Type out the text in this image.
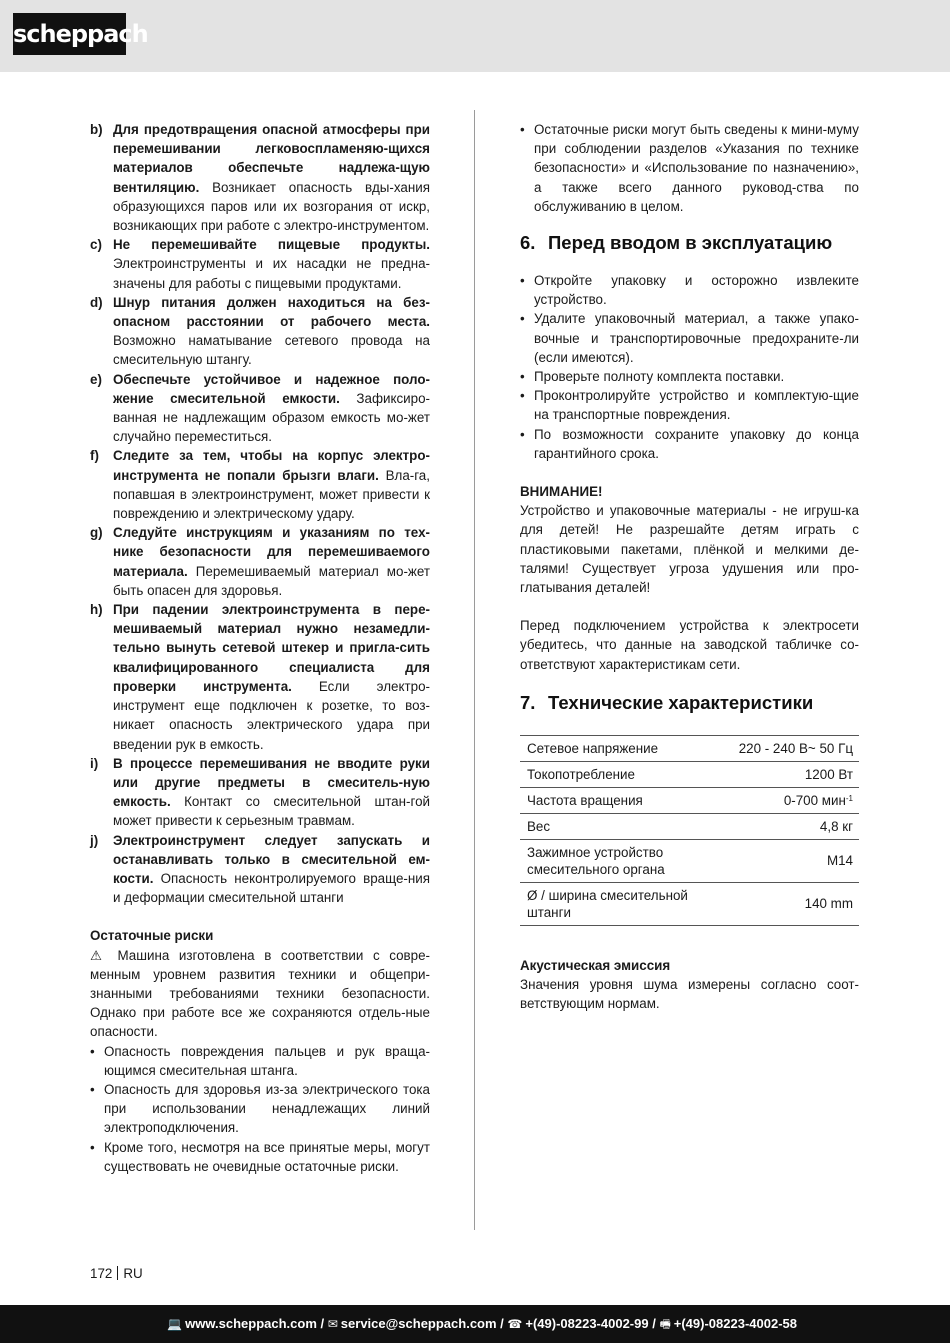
scheppach
b) Для предотвращения опасной атмосферы при перемешивании легковоспламеняю-щихся материалов обеспечьте надлежа-щую вентиляцию. Возникает опасность вды-хания образующихся паров или их возгорания от искр, возникающих при работе с электро-инструментом.
c) Не перемешивайте пищевые продукты. Электроинструменты и их насадки не предна-значены для работы с пищевыми продуктами.
d) Шнур питания должен находиться на без-опасном расстоянии от рабочего места. Возможно наматывание сетевого провода на смесительную штангу.
e) Обеспечьте устойчивое и надежное поло-жение смесительной емкости. Зафиксиро-ванная не надлежащим образом емкость мо-жет случайно переместиться.
f)	Следите за тем, чтобы на корпус электро-инструмента не попали брызги влаги. Вла-га, попавшая в электроинструмент, может привести к повреждению и электрическому удару.
g) Следуйте инструкциям и указаниям по тех-нике безопасности для перемешиваемого материала. Перемешиваемый материал мо-жет быть опасен для здоровья.
h) При падении электроинструмента в пере-мешиваемый материал нужно незамедли-тельно вынуть сетевой штекер и пригла-сить квалифицированного специалиста для проверки инструмента. Если электро-инструмент еще подключен к розетке, то воз-никает опасность электрического удара при введении рук в емкость.
i)	В процессе перемешивания не вводите руки или другие предметы в смеситель-ную емкость. Контакт со смесительной штан-гой может привести к серьезным травмам.
j)	Электроинструмент следует запускать и останавливать только в смесительной ем-кости. Опасность неконтролируемого враще-ния и деформации смесительной штанги
Остаточные риски
⚠ Машина изготовлена в соответствии с совре-менным уровнем развития техники и общепри-знанными требованиями техники безопасности. Однако при работе все же сохраняются отдель-ные опасности.
• Опасность повреждения пальцев и рук враща-ющимся смесительная штанга.
• Опасность для здоровья из-за электрического тока при использовании ненадлежащих линий электроподключения.
• Кроме того, несмотря на все принятые меры, могут существовать не очевидные остаточные риски.
• Остаточные риски могут быть сведены к мини-муму при соблюдении разделов «Указания по технике безопасности» и «Использование по назначению», а также всего данного руковод-ства по обслуживанию в целом.
6. Перед вводом в эксплуатацию
• Откройте упаковку и осторожно извлеките устройство.
• Удалите упаковочный материал, а также упако-вочные и транспортировочные предохраните-ли (если имеются).
• Проверьте полноту комплекта поставки.
• Проконтролируйте устройство и комплектую-щие на транспортные повреждения.
• По возможности сохраните упаковку до конца гарантийного срока.
ВНИМАНИЕ!
Устройство и упаковочные материалы - не игруш-ка для детей! Не разрешайте детям играть с пластиковыми пакетами, плёнкой и мелкими де-талями! Существует угроза удушения или про-глатывания деталей!
Перед подключением устройства к электросети убедитесь, что данные на заводской табличке со-ответствуют характеристикам сети.
7. Технические характеристики
Сетевое напряжение	220 - 240 В~ 50 Гц
Токопотребление	1200 Вт
Частота вращения	0-700 мин$^{-1}$
Вес	4,8 кг
Зажимное устройство смесительного органа	M14
Ø / ширина смесительной штанги	140 mm
Акустическая эмиссия
Значения уровня шума измерены согласно соот-ветствующим нормам.
172 RU
💻 www.scheppach.com / ✉ service@scheppach.com / ☎ +(49)-08223-4002-99 / 🖷 +(49)-08223-4002-58
